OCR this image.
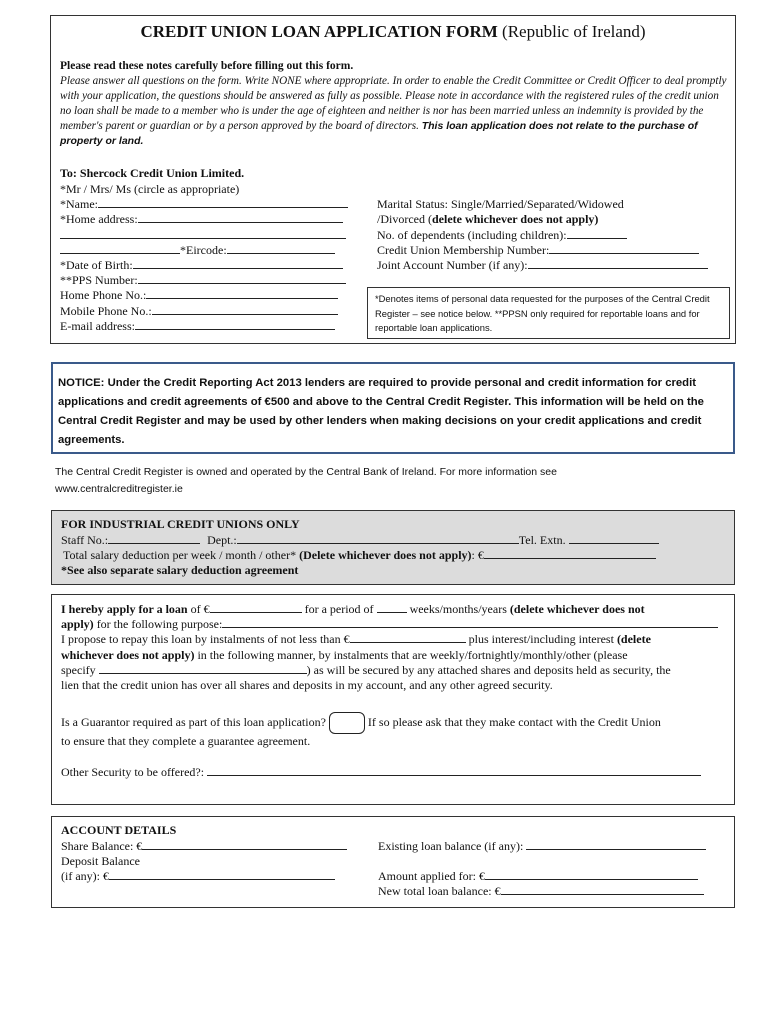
CREDIT UNION LOAN APPLICATION FORM (Republic of Ireland)
Please read these notes carefully before filling out this form.
Please answer all questions on the form. Write NONE where appropriate. In order to enable the Credit Committee or Credit Officer to deal promptly with your application, the questions should be answered as fully as possible. Please note in accordance with the registered rules of the credit union no loan shall be made to a member who is under the age of eighteen and neither is nor has been married unless an indemnity is provided by the member's parent or guardian or by a person approved by the board of directors. This loan application does not relate to the purchase of property or land.
To: Shercock Credit Union Limited.
*Mr / Mrs/ Ms (circle as appropriate)
*Name:
*Home address:
*Eircode:
*Date of Birth:
**PPS Number:
Home Phone No.:
Mobile Phone No.:
E-mail address:
Marital Status: Single/Married/Separated/Widowed
/Divorced (delete whichever does not apply)
No. of dependents (including children):
Credit Union Membership Number:
Joint Account Number (if any):
*Denotes items of personal data requested for the purposes of the Central Credit Register – see notice below. **PPSN only required for reportable loans and for reportable loan applications.
NOTICE: Under the Credit Reporting Act 2013 lenders are required to provide personal and credit information for credit applications and credit agreements of €500 and above to the Central Credit Register. This information will be held on the Central Credit Register and may be used by other lenders when making decisions on your credit applications and credit agreements.
The Central Credit Register is owned and operated by the Central Bank of Ireland. For more information see
www.centralcreditregister.ie
FOR INDUSTRIAL CREDIT UNIONS ONLY
Staff No.:	Dept.:	Tel. Extn.
Total salary deduction per week / month / other* (Delete whichever does not apply): €
*See also separate salary deduction agreement
I hereby apply for a loan of €	for a period of	weeks/months/years (delete whichever does not
apply) for the following purpose:
I propose to repay this loan by instalments of not less than €	plus interest/including interest (delete
whichever does not apply) in the following manner, by instalments that are weekly/fortnightly/monthly/other (please
specify	) as will be secured by any attached shares and deposits held as security, the
lien that the credit union has over all shares and deposits in my account, and any other agreed security.
Is a Guarantor required as part of this loan application?	If so please ask that they make contact with the Credit Union
to ensure that they complete a guarantee agreement.
Other Security to be offered?:
ACCOUNT DETAILS
Share Balance: €
Deposit Balance
(if any): €
Existing loan balance (if any):
Amount applied for: €
New total loan balance: €
